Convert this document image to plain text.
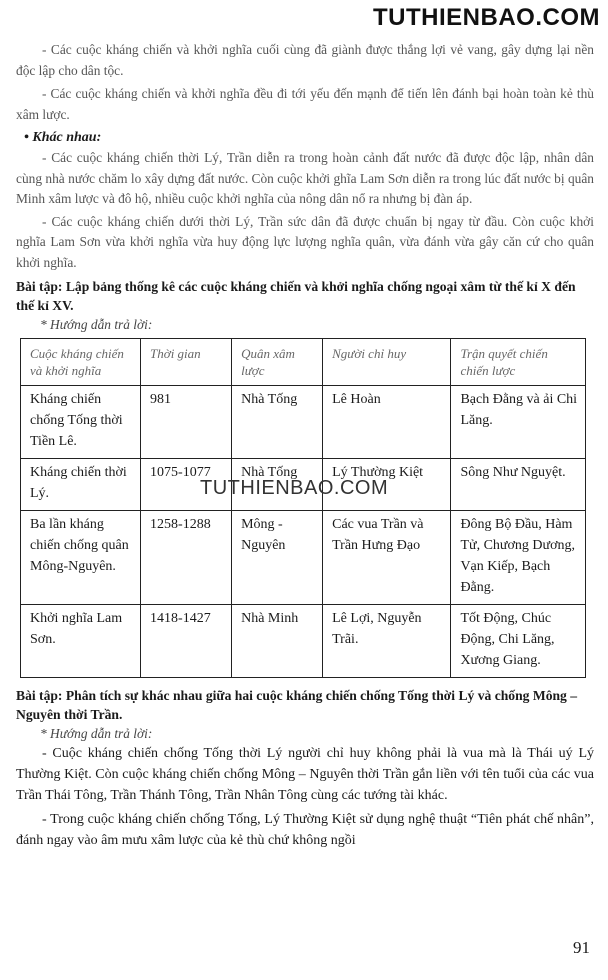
TUTHIENBAO.COM

- Các cuộc kháng chiến và khởi nghĩa cuối cùng đã giành được thắng lợi vẻ vang, gây dựng lại nền độc lập cho dân tộc.

- Các cuộc kháng chiến và khởi nghĩa đều đi tới yếu đến mạnh để tiến lên đánh bại hoàn toàn kẻ thù xâm lược.

• Khác nhau:

- Các cuộc kháng chiến thời Lý, Trần diễn ra trong hoàn cảnh đất nước đã được độc lập, nhân dân cùng nhà nước chăm lo xây dựng đất nước. Còn cuộc khởi ghĩa Lam Sơn diễn ra trong lúc đất nước bị quân Minh xâm lược và đô hộ, nhiều cuộc khởi nghĩa của nông dân nổ ra nhưng bị đàn áp.

- Các cuộc kháng chiến dưới thời Lý, Trần sức dân đã được chuẩn bị ngay từ đầu. Còn cuộc khởi nghĩa Lam Sơn vừa khởi nghĩa vừa huy động lực lượng nghĩa quân, vừa đánh vừa gây căn cứ cho quân khởi nghĩa.

Bài tập: Lập bảng thống kê các cuộc kháng chiến và khởi nghĩa chống ngoại xâm từ thế kỉ X đến thế kỉ XV.
* Hướng dẫn trả lời:
Cuộc kháng chiến và khởi nghĩa	Thời gian	Quân xâm lược	Người chỉ huy	Trận quyết chiến chiến lược
Kháng chiến chống Tống thời Tiền Lê.	981	Nhà Tống	Lê Hoàn	Bạch Đằng và ải Chi Lăng.
Kháng chiến thời Lý.	1075-1077	Nhà Tống	Lý Thường Kiệt	Sông Như Nguyệt.
Ba lần kháng chiến chống quân Mông-Nguyên.	1258-1288	Mông - Nguyên	Các vua Trần và Trần Hưng Đạo	Đông Bộ Đầu, Hàm Tử, Chương Dương, Vạn Kiếp, Bạch Đằng.
Khởi nghĩa Lam Sơn.	1418-1427	Nhà Minh	Lê Lợi, Nguyễn Trãi.	Tốt Động, Chúc Động, Chi Lăng, Xương Giang.
Bài tập: Phân tích sự khác nhau giữa hai cuộc kháng chiến chống Tống thời Lý và chống Mông – Nguyên thời Trần.
* Hướng dẫn trả lời:

- Cuộc kháng chiến chống Tống thời Lý người chỉ huy không phải là vua mà là Thái uý Lý Thường Kiệt. Còn cuộc kháng chiến chống Mông – Nguyên thời Trần gắn liền với tên tuổi của các vua Trần Thái Tông, Trần Thánh Tông, Trần Nhân Tông cùng các tướng tài khác.

- Trong cuộc kháng chiến chống Tống, Lý Thường Kiệt sử dụng nghệ thuật “Tiên phát chế nhân”, đánh ngay vào âm mưu xâm lược của kẻ thù chứ không ngồi

TUTHIENBAO.COM
91
